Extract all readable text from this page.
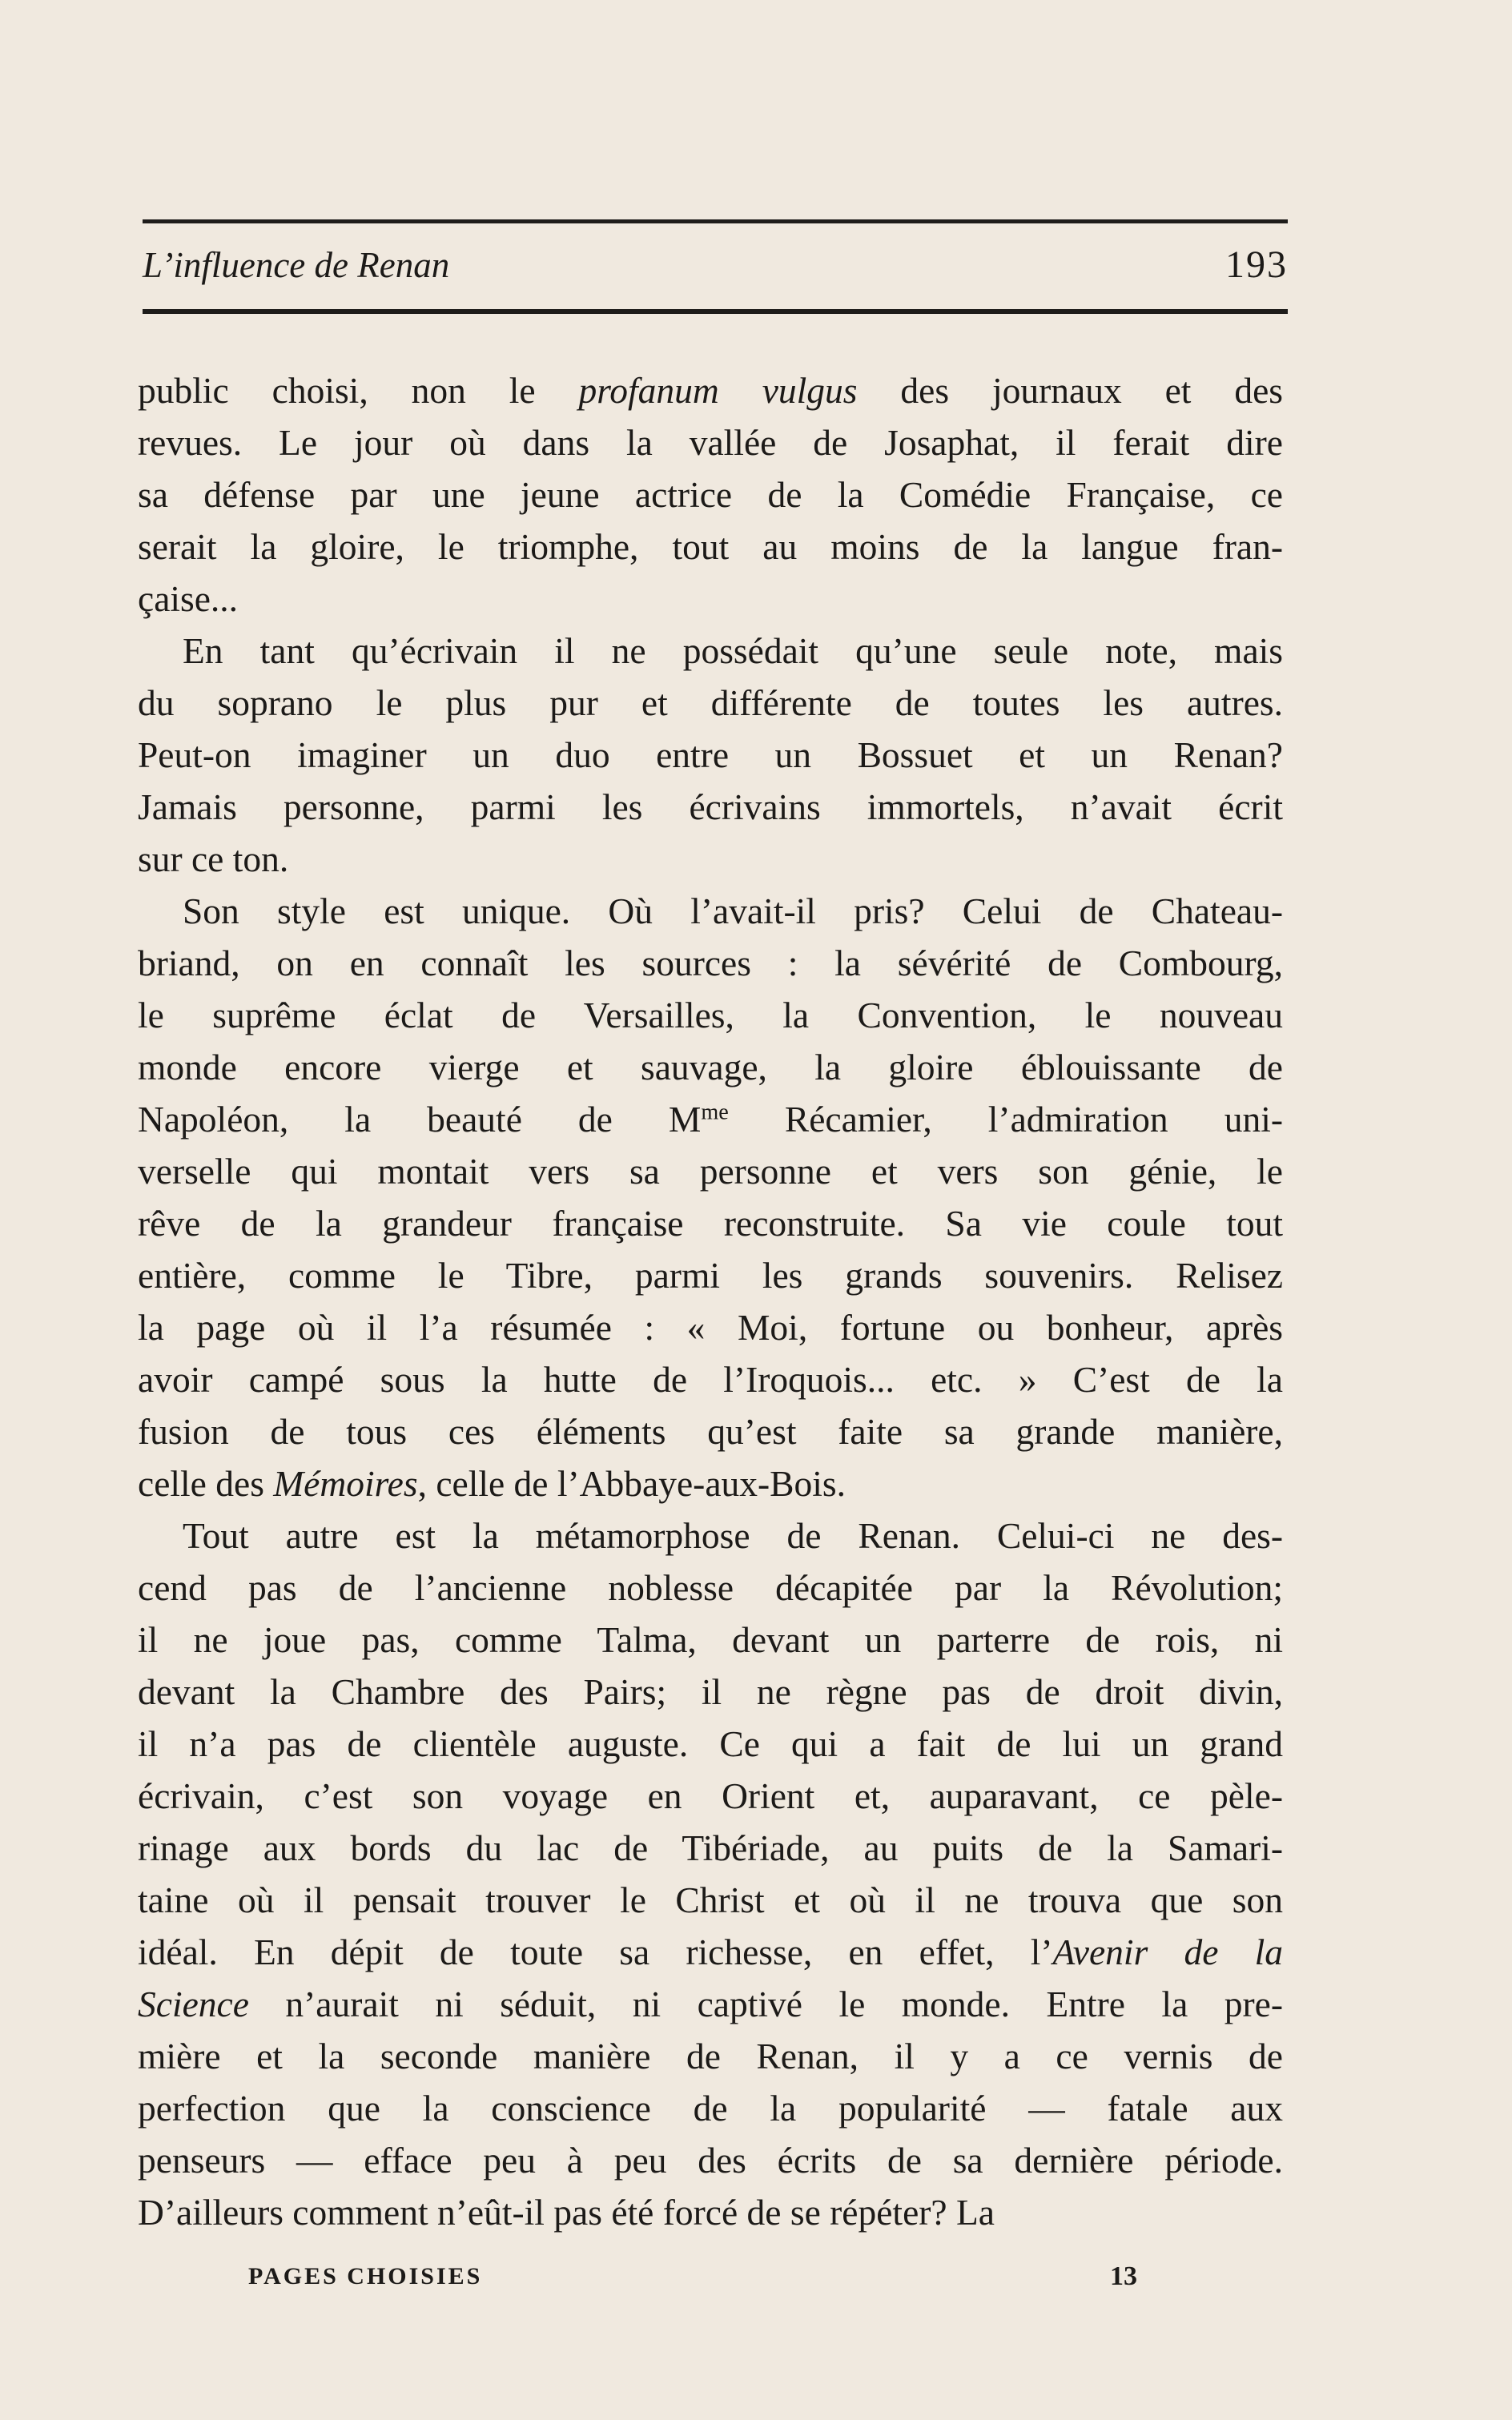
L’influence de Renan	193
public choisi, non le profanum vulgus des journaux et des
revues. Le jour où dans la vallée de Josaphat, il ferait dire
sa défense par une jeune actrice de la Comédie Française, ce
serait la gloire, le triomphe, tout au moins de la langue fran-
çaise...
En tant qu’écrivain il ne possédait qu’une seule note, mais
du soprano le plus pur et différente de toutes les autres.
Peut-on imaginer un duo entre un Bossuet et un Renan?
Jamais personne, parmi les écrivains immortels, n’avait écrit
sur ce ton.
Son style est unique. Où l’avait-il pris? Celui de Chateau-
briand, on en connaît les sources : la sévérité de Combourg,
le suprême éclat de Versailles, la Convention, le nouveau
monde encore vierge et sauvage, la gloire éblouissante de
Napoléon, la beauté de $M^{me}$ Récamier, l’admiration uni-
verselle qui montait vers sa personne et vers son génie, le
rêve de la grandeur française reconstruite. Sa vie coule tout
entière, comme le Tibre, parmi les grands souvenirs. Relisez
la page où il l’a résumée : « Moi, fortune ou bonheur, après
avoir campé sous la hutte de l’Iroquois... etc. » C’est de la
fusion de tous ces éléments qu’est faite sa grande manière,
celle des Mémoires, celle de l’Abbaye-aux-Bois.
Tout autre est la métamorphose de Renan. Celui-ci ne des-
cend pas de l’ancienne noblesse décapitée par la Révolution;
il ne joue pas, comme Talma, devant un parterre de rois, ni
devant la Chambre des Pairs; il ne règne pas de droit divin,
il n’a pas de clientèle auguste. Ce qui a fait de lui un grand
écrivain, c’est son voyage en Orient et, auparavant, ce pèle-
rinage aux bords du lac de Tibériade, au puits de la Samari-
taine où il pensait trouver le Christ et où il ne trouva que son
idéal. En dépit de toute sa richesse, en effet, l’Avenir de la
Science n’aurait ni séduit, ni captivé le monde. Entre la pre-
mière et la seconde manière de Renan, il y a ce vernis de
perfection que la conscience de la popularité — fatale aux
penseurs — efface peu à peu des écrits de sa dernière période.
D’ailleurs comment n’eût-il pas été forcé de se répéter? La
PAGES CHOISIES	13
